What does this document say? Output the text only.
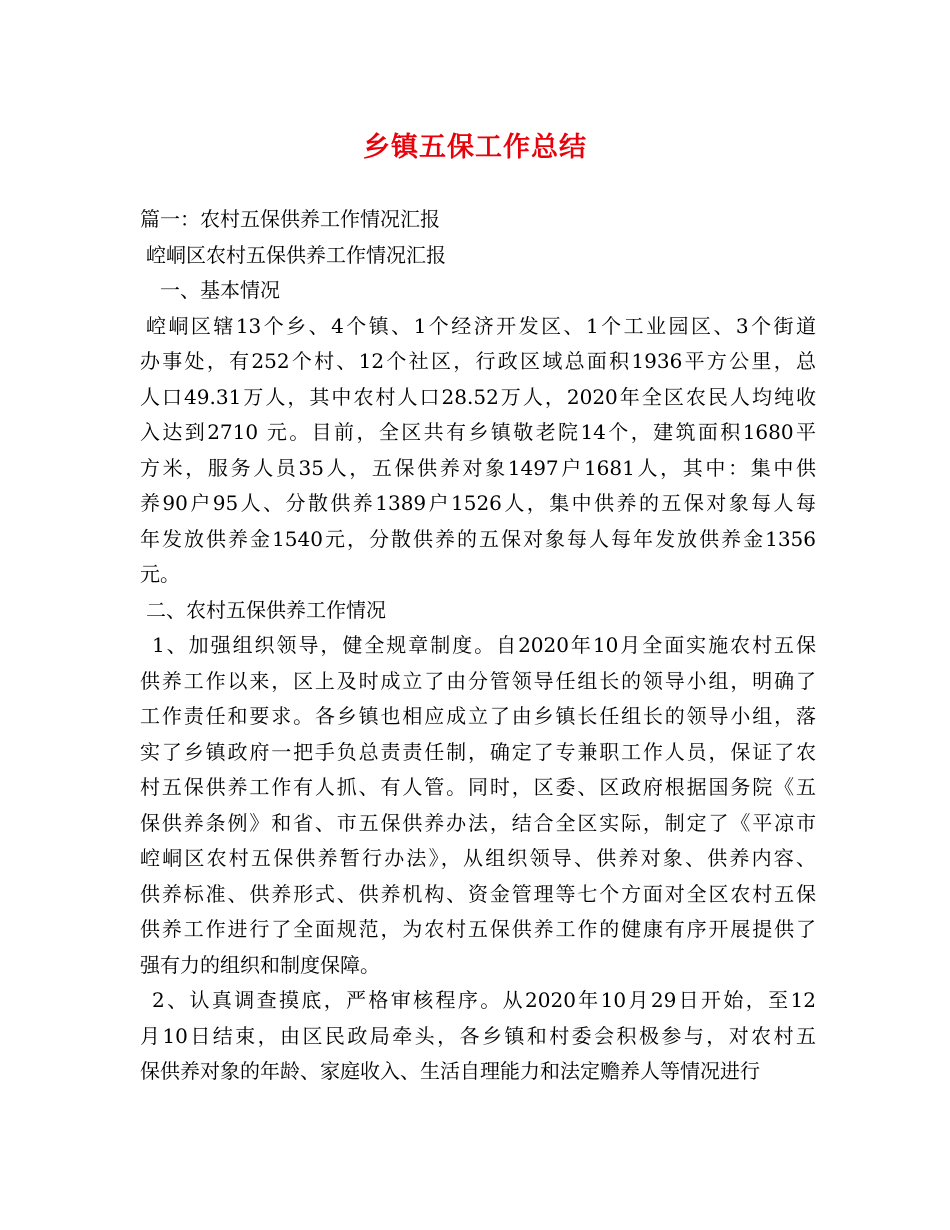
乡镇五保工作总结
篇一：农村五保供养工作情况汇报
崆峒区农村五保供养工作情况汇报
一、基本情况
崆峒区辖13个乡、4个镇、1个经济开发区、1个工业园区、3个街道
办事处，有252个村、12个社区，行政区域总面积1936平方公里，总
人口49.31万人，其中农村人口28.52万人，2020年全区农民人均纯收
入达到2710 元。目前，全区共有乡镇敬老院14个，建筑面积1680平
方米，服务人员35人，五保供养对象1497户1681人，其中：集中供
养90户95人、分散供养1389户1526人，集中供养的五保对象每人每
年发放供养金1540元，分散供养的五保对象每人每年发放供养金1356
元。
二、农村五保供养工作情况
1、加强组织领导，健全规章制度。自2020年10月全面实施农村五保
供养工作以来，区上及时成立了由分管领导任组长的领导小组，明确了
工作责任和要求。各乡镇也相应成立了由乡镇长任组长的领导小组，落
实了乡镇政府一把手负总责责任制，确定了专兼职工作人员，保证了农
村五保供养工作有人抓、有人管。同时，区委、区政府根据国务院《五
保供养条例》和省、市五保供养办法，结合全区实际，制定了《平凉市
崆峒区农村五保供养暂行办法》，从组织领导、供养对象、供养内容、
供养标准、供养形式、供养机构、资金管理等七个方面对全区农村五保
供养工作进行了全面规范，为农村五保供养工作的健康有序开展提供了
强有力的组织和制度保障。
2、认真调查摸底，严格审核程序。从2020年10月29日开始，至12
月10日结束，由区民政局牵头，各乡镇和村委会积极参与，对农村五
保供养对象的年龄、家庭收入、生活自理能力和法定赡养人等情况进行
